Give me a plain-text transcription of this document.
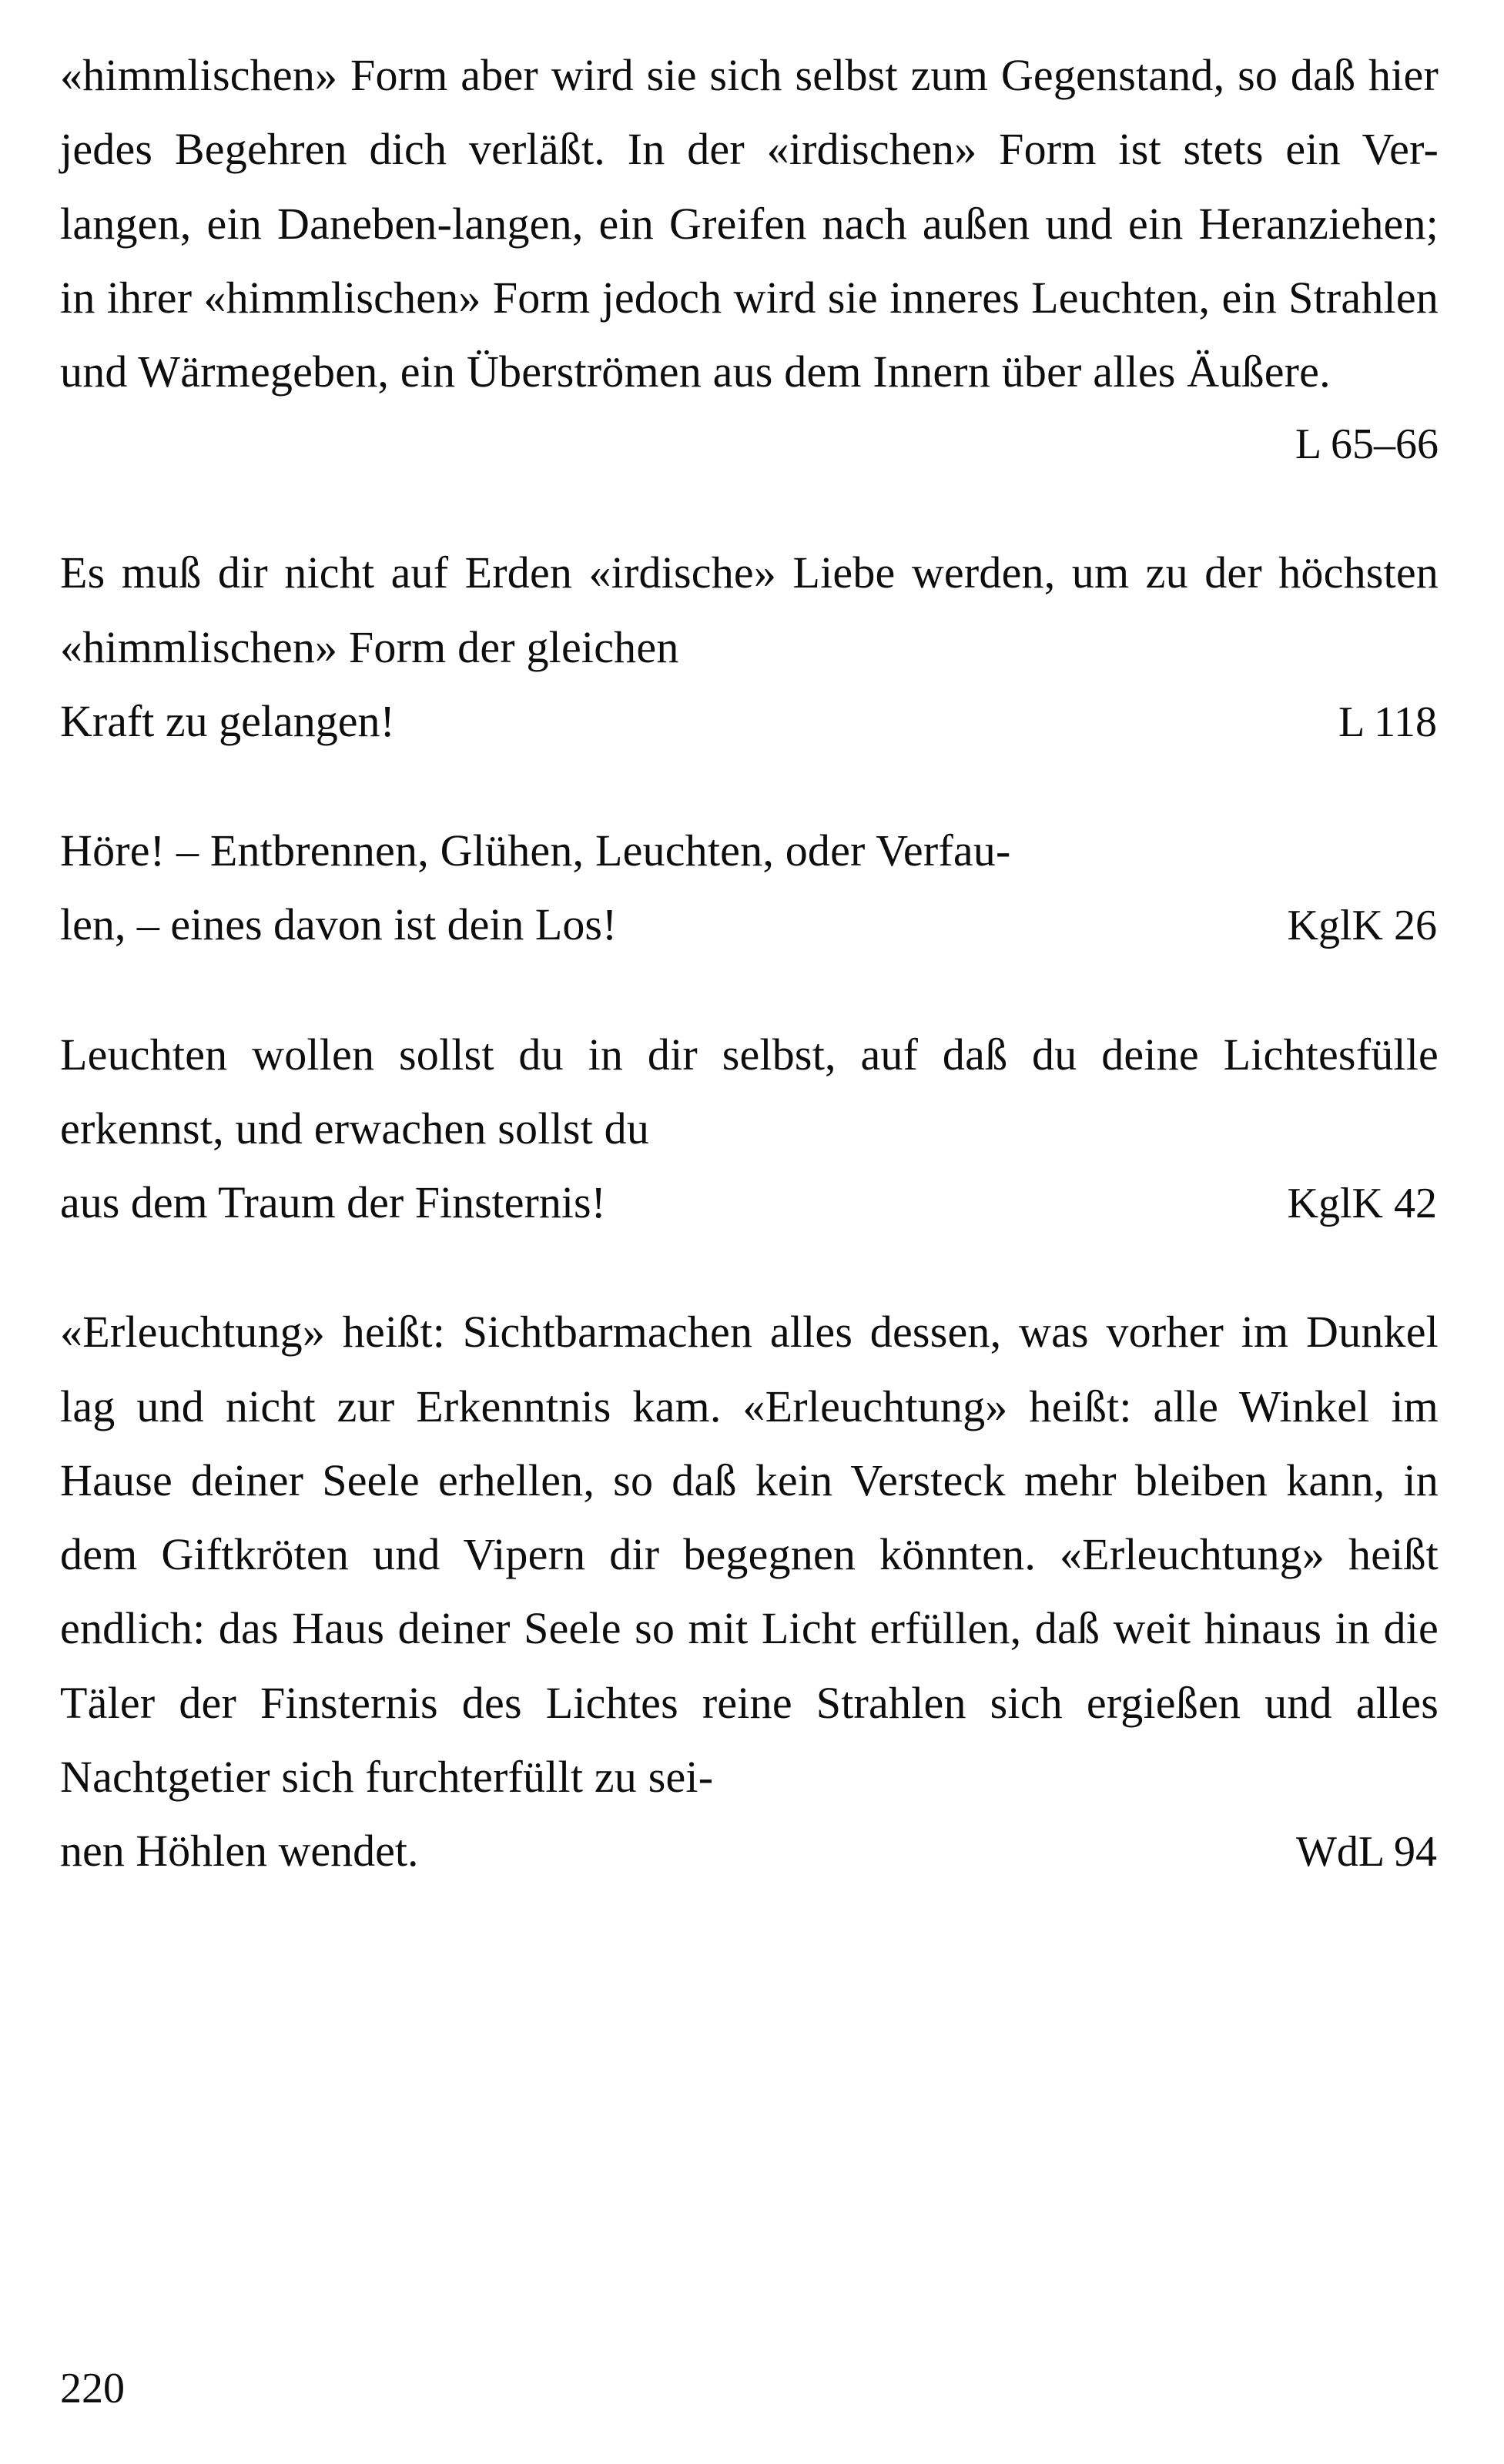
«himmlischen» Form aber wird sie sich selbst zum Gegenstand, so daß hier jedes Begehren dich verläßt. In der «irdischen» Form ist stets ein Ver-langen, ein Daneben-langen, ein Greifen nach außen und ein Heranziehen; in ihrer «himmlischen» Form jedoch wird sie inneres Leuchten, ein Strahlen und Wärmegeben, ein Überströmen aus dem Innern über alles Äußere.

L 65–66

Es muß dir nicht auf Erden «irdische» Liebe werden, um zu der höchsten «himmlischen» Form der gleichen

Kraft zu gelangen!	L 118

Höre! – Entbrennen, Glühen, Leuchten, oder Verfau-

len, – eines davon ist dein Los!	KglK 26

Leuchten wollen sollst du in dir selbst, auf daß du deine Lichtesfülle erkennst, und erwachen sollst du

aus dem Traum der Finsternis!	KglK 42

«Erleuchtung» heißt: Sichtbarmachen alles dessen, was vorher im Dunkel lag und nicht zur Erkenntnis kam. «Erleuchtung» heißt: alle Winkel im Hause deiner Seele erhellen, so daß kein Versteck mehr bleiben kann, in dem Giftkröten und Vipern dir begegnen könnten. «Erleuchtung» heißt endlich: das Haus deiner Seele so mit Licht erfüllen, daß weit hinaus in die Täler der Finsternis des Lichtes reine Strahlen sich ergießen und alles Nachtgetier sich furchterfüllt zu sei-

nen Höhlen wendet.	WdL 94
220
